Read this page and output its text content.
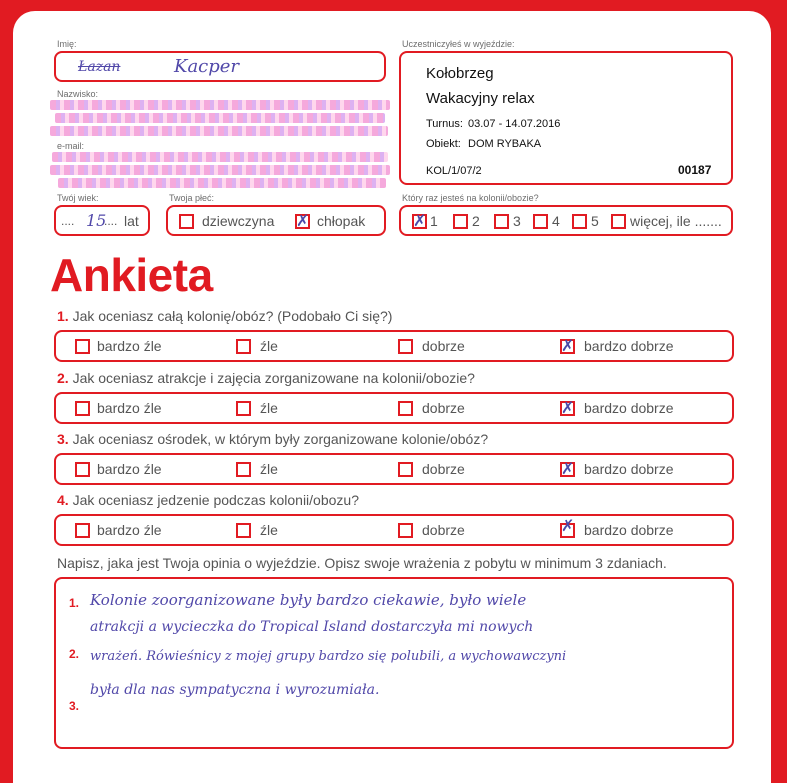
Imię:
Łazan	Kacper
Nazwisko:
e-mail:
Twój wiek:
.... 15
.... lat
Twoja płeć:
dziewczyna ✗ chłopak
Uczestniczyłeś w wyjeździe:
Kołobrzeg
Wakacyjny relax
Turnus: 03.07 - 14.07.2016
Obiekt: DOM RYBAKA
KOL/1/07/2	00187
Który raz jesteś na kolonii/obozie?
✗ 1 2 3 4 5 więcej, ile .......
Ankieta
1. Jak oceniasz całą kolonię/obóz? (Podobało Ci się?)
bardzo źle	źle	dobrze	✗ bardzo dobrze
2. Jak oceniasz atrakcje i zajęcia zorganizowane na kolonii/obozie?
bardzo źle	źle	dobrze	✗ bardzo dobrze
3. Jak oceniasz ośrodek, w którym były zorganizowane kolonie/obóz?
bardzo źle	źle	dobrze	✗ bardzo dobrze
4. Jak oceniasz jedzenie podczas kolonii/obozu?
bardzo źle	źle	dobrze	✗ bardzo dobrze
Napisz, jaka jest Twoja opinia o wyjeździe. Opisz swoje wrażenia z pobytu w minimum 3 zdaniach.
1.
2.
3.
Kolonie zoorganizowane były bardzo ciekawie, było wiele
atrakcji a wycieczka do Tropical Island dostarczyła mi nowych
wrażeń. Rówieśnicy z mojej grupy bardzo się polubili, a wychowawczyni
była dla nas sympatyczna i wyrozumiała.
